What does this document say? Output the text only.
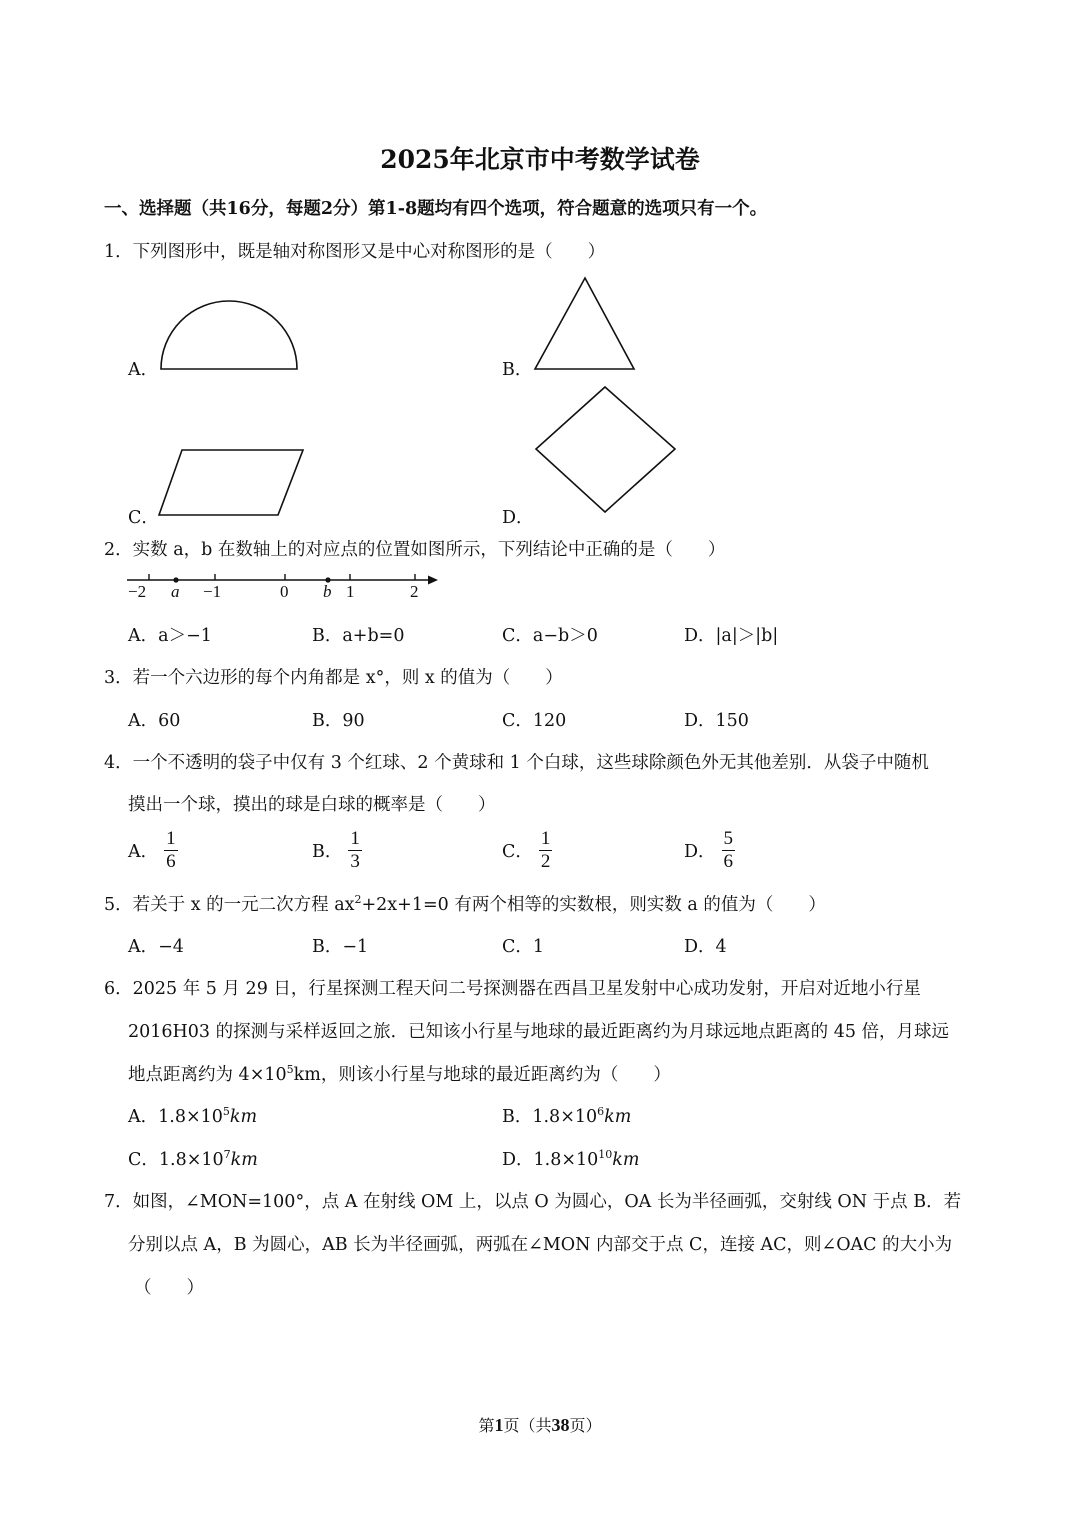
2025年北京市中考数学试卷
一、选择题（共16分，每题2分）第1-8题均有四个选项，符合题意的选项只有一个。
1．下列图形中，既是轴对称图形又是中心对称图形的是（　　）
A．	B．
C．	D．
2．实数 a，b 在数轴上的对应点的位置如图所示，下列结论中正确的是（　　）
−2 a −1	0 b 1	2
A．a＞−1	B．a+b=0	C．a−b＞0	D．|a|＞|b|
3．若一个六边形的每个内角都是 x°，则 x 的值为（　　）
A．60	B．90	C．120	D．150
4．一个不透明的袋子中仅有 3 个红球、2 个黄球和 1 个白球，这些球除颜色外无其他差别．从袋子中随机
摸出一个球，摸出的球是白球的概率是（　　）
A． $\frac{1}{6}$	B． $\frac{1}{3}$	C． $\frac{1}{2}$	D． $\frac{5}{6}$
5．若关于 x 的一元二次方程 $ax^2+2x+1=0$ 有两个相等的实数根，则实数 a 的值为（　　）
A．−4	B．−1	C．1	D．4
6．2025 年 5 月 29 日，行星探测工程天问二号探测器在西昌卫星发射中心成功发射，开启对近地小行星
2016H03 的探测与采样返回之旅．已知该小行星与地球的最近距离约为月球远地点距离的 45 倍，月球远
地点距离约为 $4\times 10^5km$，则该小行星与地球的最近距离约为（　　）
A．$1.8\times 10^5km$	B．$1.8\times 10^6km$
C．$1.8\times 10^7km$	D．$1.8\times 10^{10}km$
7．如图，∠MON=100°，点 A 在射线 OM 上，以点 O 为圆心，OA 长为半径画弧，交射线 ON 于点 B．若
分别以点 A，B 为圆心，AB 长为半径画弧，两弧在∠MON 内部交于点 C，连接 AC，则∠OAC 的大小为
（　　）
第1页（共38页）
